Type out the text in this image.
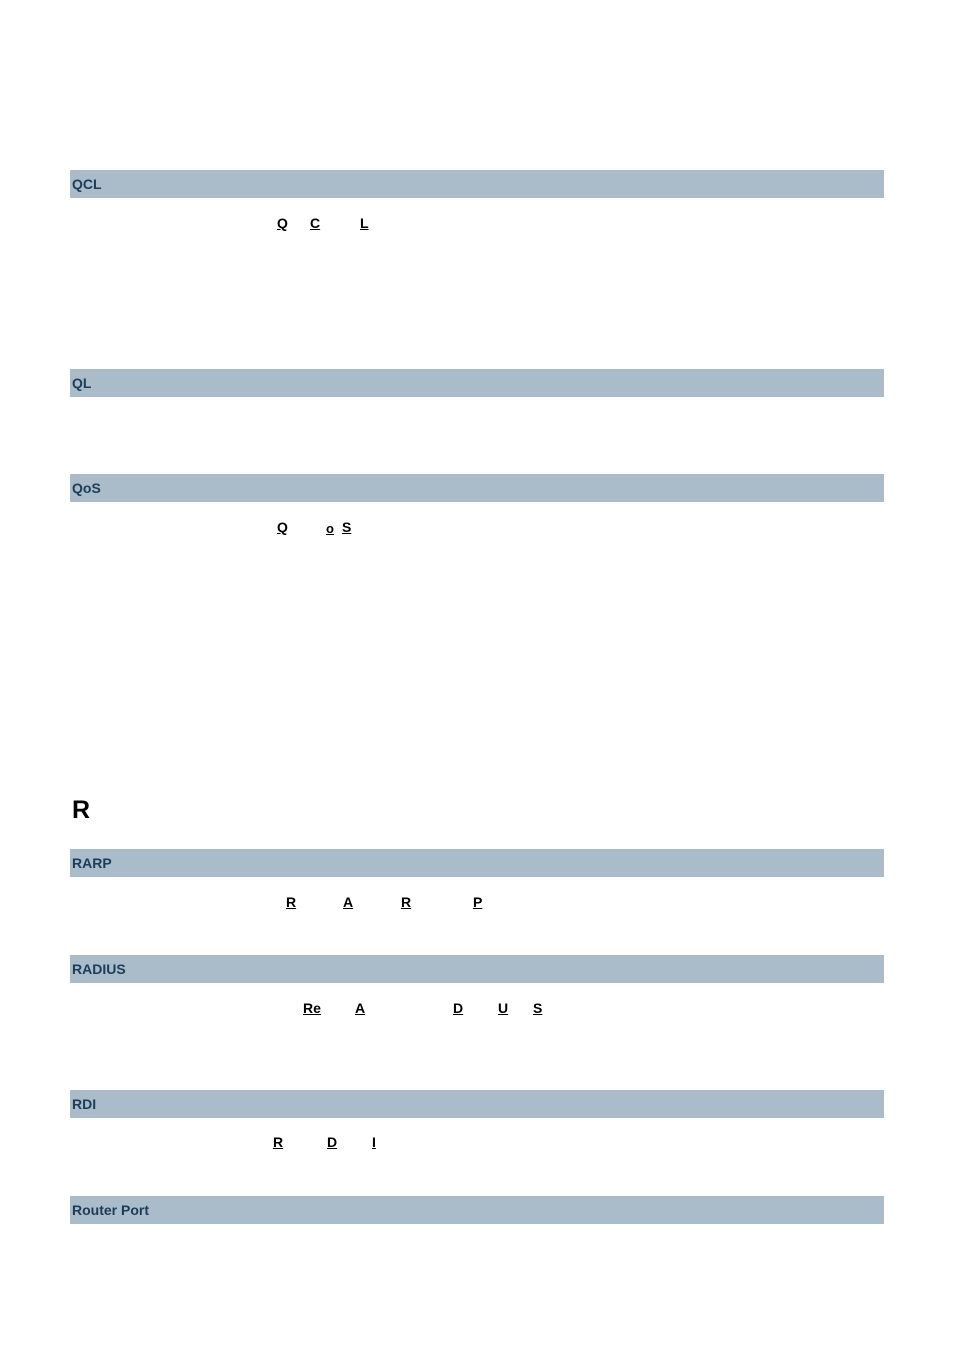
QCL
Q C	L
QL
QoS
Q	o S
R
RARP
R	A	R	P
RADIUS
Re A	D U S
RDI
R	D I
Router Port
